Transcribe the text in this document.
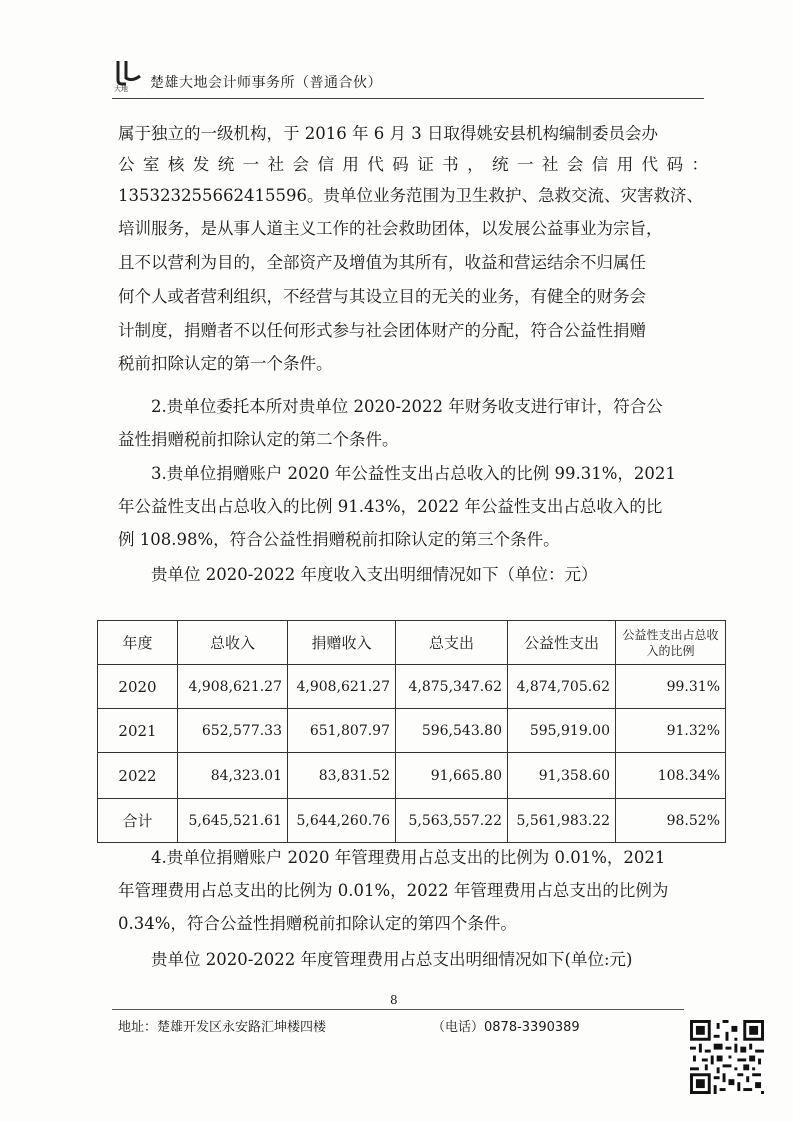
大地 楚雄大地会计师事务所（普通合伙）
属于独立的一级机构，于 2016 年 6 月 3 日取得姚安县机构编制委员会办
公室核发统一社会信用代码证书，统一社会信用代码：
13532325566241559​6。贵单位业务范围为卫生救护、急救交流、灾害救济、
培训服务，是从事人道主义工作的社会救助团体，以发展公益事业为宗旨，
且不以营利为目的，全部资产及增值为其所有，收益和营运结余不归属任
何个人或者营利组织，不经营与其设立目的无关的业务，有健全的财务会
计制度，捐赠者不以任何形式参与社会团体财产的分配，符合公益性捐赠
税前扣除认定的第一个条件。
2.贵单位委托本所对贵单位 2020-2022 年财务收支进行审计，符合公
益性捐赠税前扣除认定的第二个条件。
3.贵单位捐赠账户 2020 年公益性支出占总收入的比例 99.31%，2021
年公益性支出占总收入的比例 91.43%，2022 年公益性支出占总收入的比
例 108.98%，符合公益性捐赠税前扣除认定的第三个条件。
贵单位 2020-2022 年度收入支出明细情况如下（单位：元）
年度	总收入	捐赠收入	总支出	公益性支出	公益性支出占总收入的比例
2020	4,908,621.27	4,908,621.27	4,875,347.62	4,874,705.62	99.31%
2021	652,577.33	651,807.97	596,543.80	595,919.00	91.32%
2022	84,323.01	83,831.52	91,665.80	91,358.60	108.34%
合计	5,645,521.61	5,644,260.76	5,563,557.22	5,561,983.22	98.52%
4.贵单位捐赠账户 2020 年管理费用占总支出的比例为 0.01%，2021
年管理费用占总支出的比例为 0.01%，2022 年管理费用占总支出的比例为
0.34%，符合公益性捐赠税前扣除认定的第四个条件。
贵单位 2020-2022 年度管理费用占总支出明细情况如下(单位:元)
8
地址：楚雄开发区永安路汇坤楼四楼	（电话）0878-3390389
